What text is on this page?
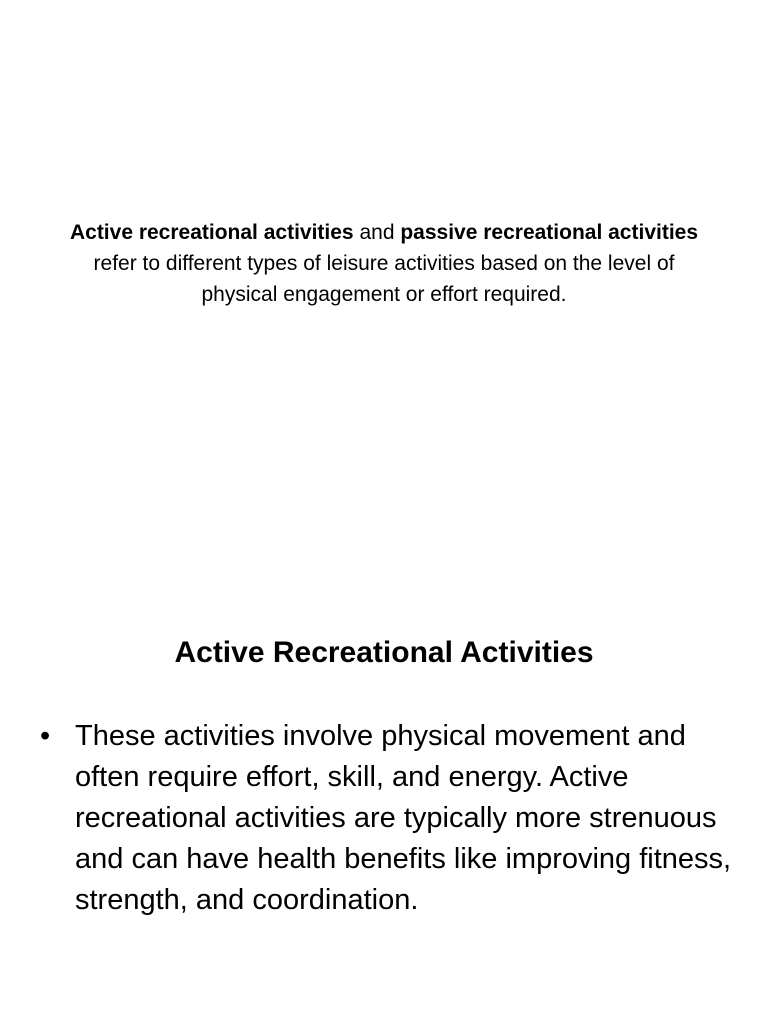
Active recreational activities and passive recreational activities refer to different types of leisure activities based on the level of physical engagement or effort required.

Active Recreational Activities
• These activities involve physical movement and often require effort, skill, and energy. Active recreational activities are typically more strenuous and can have health benefits like improving fitness, strength, and coordination.
